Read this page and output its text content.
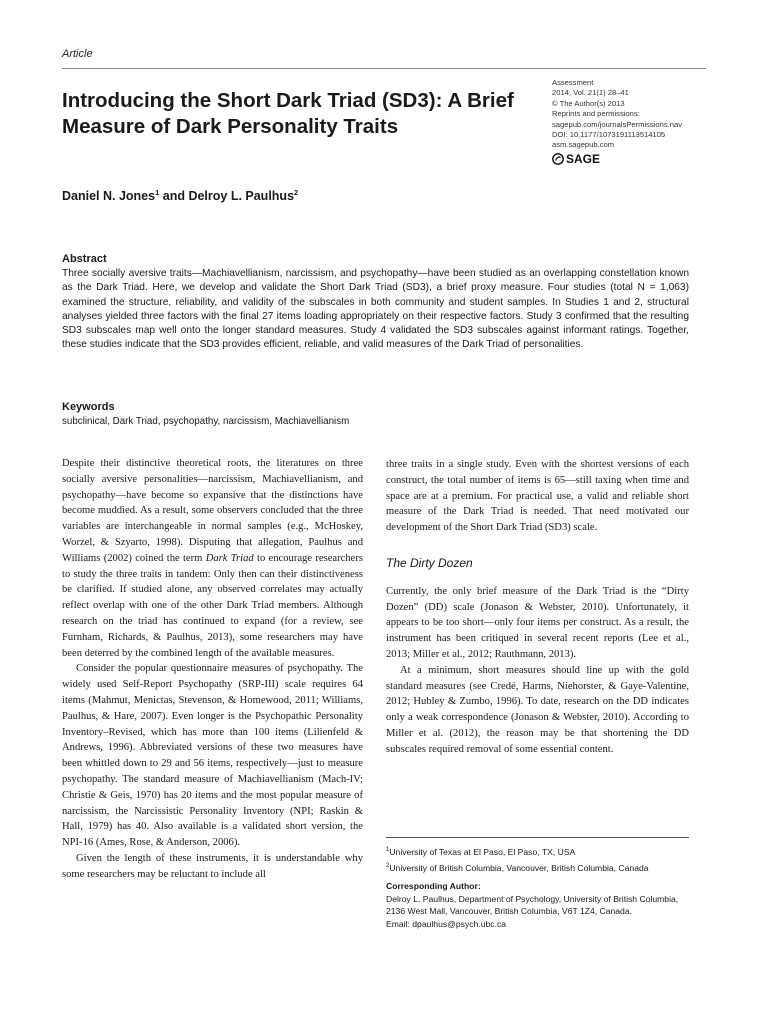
Article
Introducing the Short Dark Triad (SD3): A Brief Measure of Dark Personality Traits
Assessment
2014, Vol. 21(1) 28–41
© The Author(s) 2013
Reprints and permissions:
sagepub.com/journalsPermissions.nav
DOI: 10.1177/1073191113514105
asm.sagepub.com
SAGE
Daniel N. Jones$^1$ and Delroy L. Paulhus$^2$
Abstract

Three socially aversive traits—Machiavellianism, narcissism, and psychopathy—have been studied as an overlapping constellation known as the Dark Triad. Here, we develop and validate the Short Dark Triad (SD3), a brief proxy measure. Four studies (total N = 1,063) examined the structure, reliability, and validity of the subscales in both community and student samples. In Studies 1 and 2, structural analyses yielded three factors with the final 27 items loading appropriately on their respective factors. Study 3 confirmed that the resulting SD3 subscales map well onto the longer standard measures. Study 4 validated the SD3 subscales against informant ratings. Together, these studies indicate that the SD3 provides efficient, reliable, and valid measures of the Dark Triad of personalities.

Keywords
subclinical, Dark Triad, psychopathy, narcissism, Machiavellianism

Despite their distinctive theoretical roots, the literatures on three socially aversive personalities—narcissism, Machiavellianism, and psychopathy—have become so expansive that the distinctions have become muddied. As a result, some observers concluded that the three variables are interchangeable in normal samples (e.g., McHoskey, Worzel, & Szyarto, 1998). Disputing that allegation, Paulhus and Williams (2002) coined the term Dark Triad to encourage researchers to study the three traits in tandem: Only then can their distinctiveness be clarified. If studied alone, any observed correlates may actually reflect overlap with one of the other Dark Triad members. Although research on the triad has continued to expand (for a review, see Furnham, Richards, & Paulhus, 2013), some researchers may have been deterred by the combined length of the available measures.

Consider the popular questionnaire measures of psychopathy. The widely used Self-Report Psychopathy (SRP-III) scale requires 64 items (Mahmut, Menictas, Stevenson, & Homewood, 2011; Williams, Paulhus, & Hare, 2007). Even longer is the Psychopathic Personality Inventory–Revised, which has more than 100 items (Lilienfeld & Andrews, 1996). Abbreviated versions of these two measures have been whittled down to 29 and 56 items, respectively—just to measure psychopathy. The standard measure of Machiavellianism (Mach-IV; Christie & Geis, 1970) has 20 items and the most popular measure of narcissism, the Narcissistic Personality Inventory (NPI; Raskin & Hall, 1979) has 40. Also available is a validated short version, the NPI-16 (Ames, Rose, & Anderson, 2006).

Given the length of these instruments, it is understandable why some researchers may be reluctant to include all

three traits in a single study. Even with the shortest versions of each construct, the total number of items is 65—still taxing when time and space are at a premium. For practical use, a valid and reliable short measure of the Dark Triad is needed. That need motivated our development of the Short Dark Triad (SD3) scale.

The Dirty Dozen

Currently, the only brief measure of the Dark Triad is the “Dirty Dozen” (DD) scale (Jonason & Webster, 2010). Unfortunately, it appears to be too short—only four items per construct. As a result, the instrument has been critiqued in several recent reports (Lee et al., 2013; Miller et al., 2012; Rauthmann, 2013).

At a minimum, short measures should line up with the gold standard measures (see Credé, Harms, Niehorster, & Gaye-Valentine, 2012; Hubley & Zumbo, 1996). To date, research on the DD indicates only a weak correspondence (Jonason & Webster, 2010). According to Miller et al. (2012), the reason may be that shortening the DD subscales required removal of some essential content.

$^1$University of Texas at El Paso, El Paso, TX, USA
$^2$University of British Columbia, Vancouver, British Columbia, Canada
Corresponding Author:
Delroy L. Paulhus, Department of Psychology, University of British Columbia, 2136 West Mall, Vancouver, British Columbia, V6T 1Z4, Canada.
Email: dpaulhus@psych.ubc.ca
